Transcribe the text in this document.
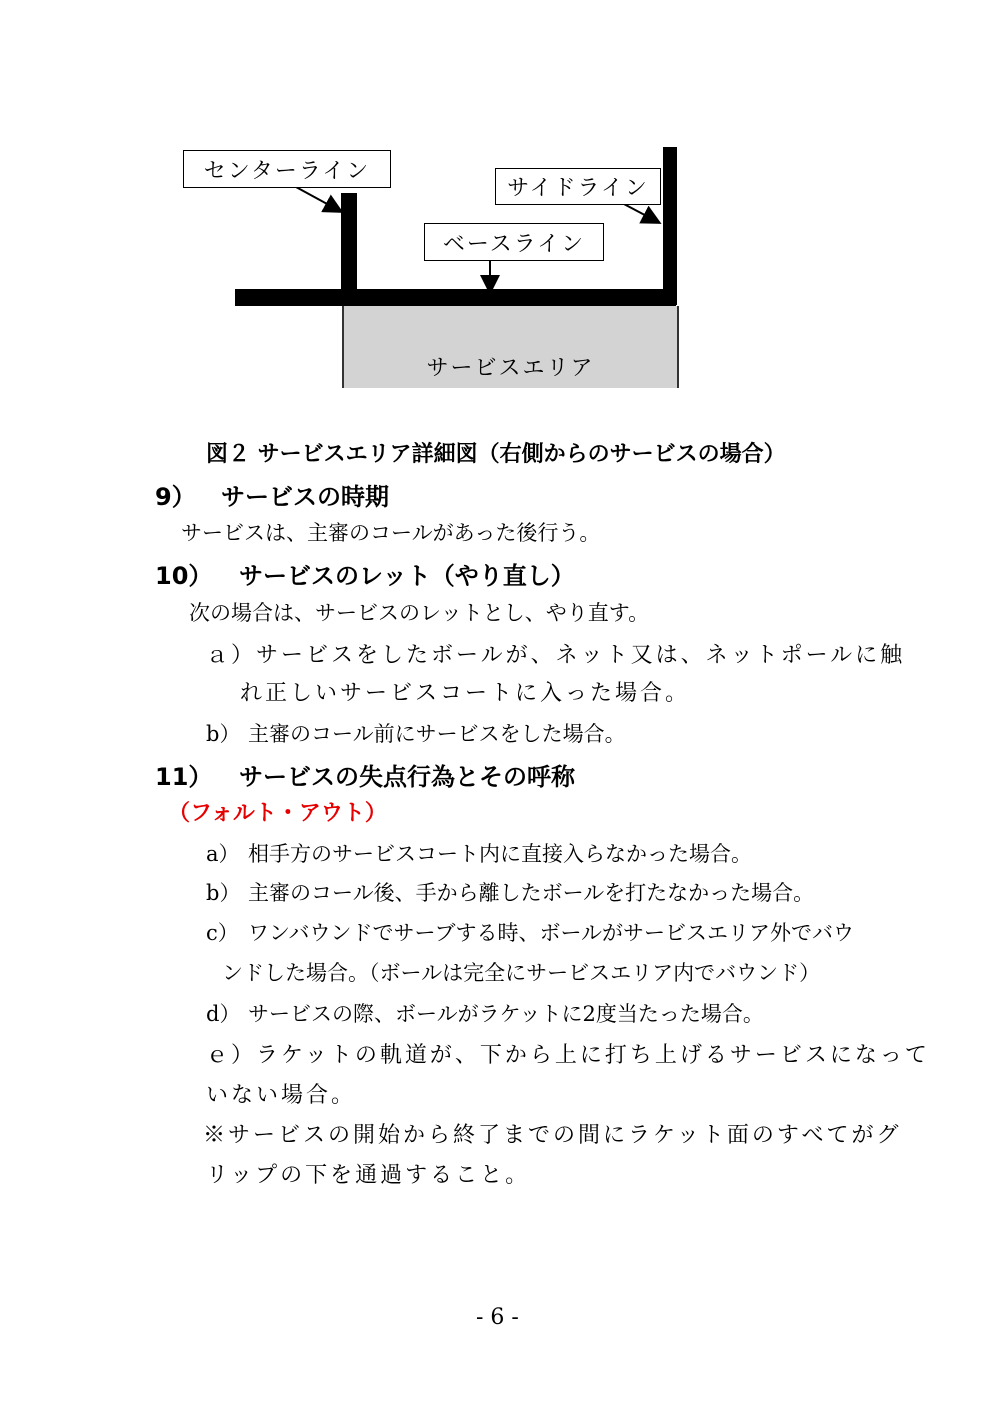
サービスエリア
センターライン
サイドライン
ベースライン
図２ サービスエリア詳細図（右側からのサービスの場合）
9） サービスの時期
サービスは、主審のコールがあった後行う。
10） サービスのレット（やり直し）
次の場合は、サービスのレットとし、やり直す。
ａ）サービスをしたボールが、ネット又は、ネットポールに触
れ正しいサービスコートに入った場合。
b） 主審のコール前にサービスをした場合。
11） サービスの失点行為とその呼称
（フォルト・アウト）
a） 相手方のサービスコート内に直接入らなかった場合。
b） 主審のコール後、手から離したボールを打たなかった場合。
c） ワンバウンドでサーブする時、ボールがサービスエリア外でバウ
ンドした場合。（ボールは完全にサービスエリア内でバウンド）
d） サービスの際、ボールがラケットに2度当たった場合。
ｅ）ラケットの軌道が、下から上に打ち上げるサービスになって
いない場合。
※サービスの開始から終了までの間にラケット面のすべてがグ
リップの下を通過すること。
- 6 -
